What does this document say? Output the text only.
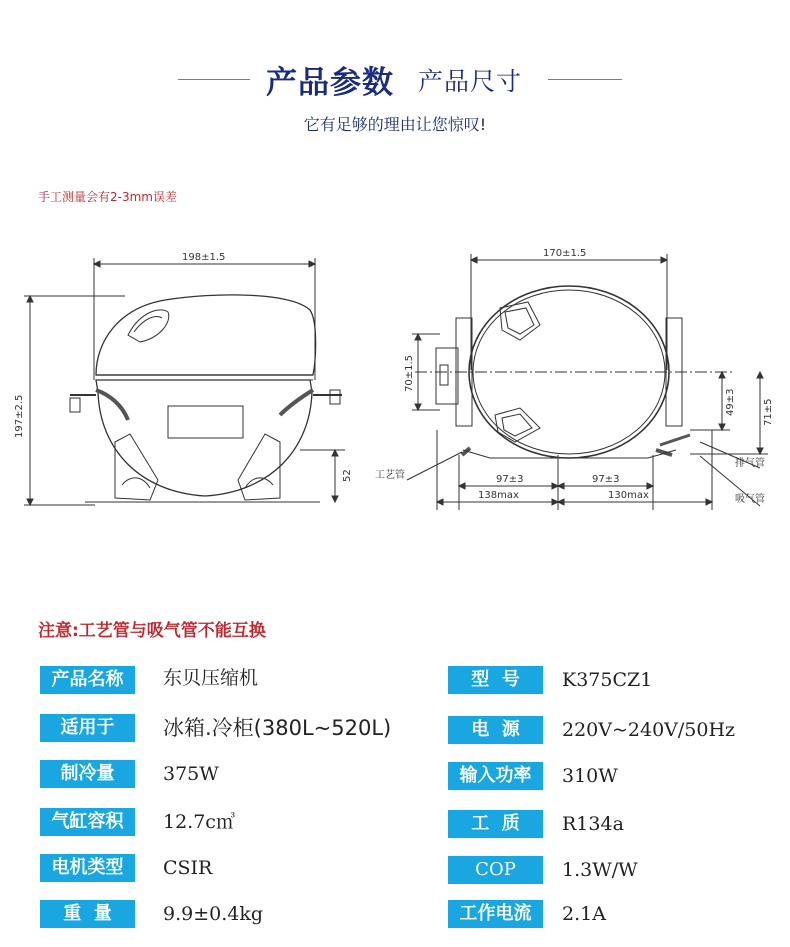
产品参数 产品尺寸
它有足够的理由让您惊叹!
手工测量会有2-3mm误差
198±1.5
197±2.5
52
170±1.5
70±1.5
49±3	71±5
97±3	97±3
138max	130max
工艺管
排气管
吸气管
注意:工艺管与吸气管不能互换
产品名称	东贝压缩机
适用于	冰箱.冷柜(380L~520L)
制冷量	375W
气缸容积	12.7c㎥
电机类型	CSIR
重  量	9.9±0.4kg
型  号	K375CZ1
电  源	220V~240V/50Hz
输入功率	310W
工  质	R134a
COP	1.3W/W
工作电流	2.1A
